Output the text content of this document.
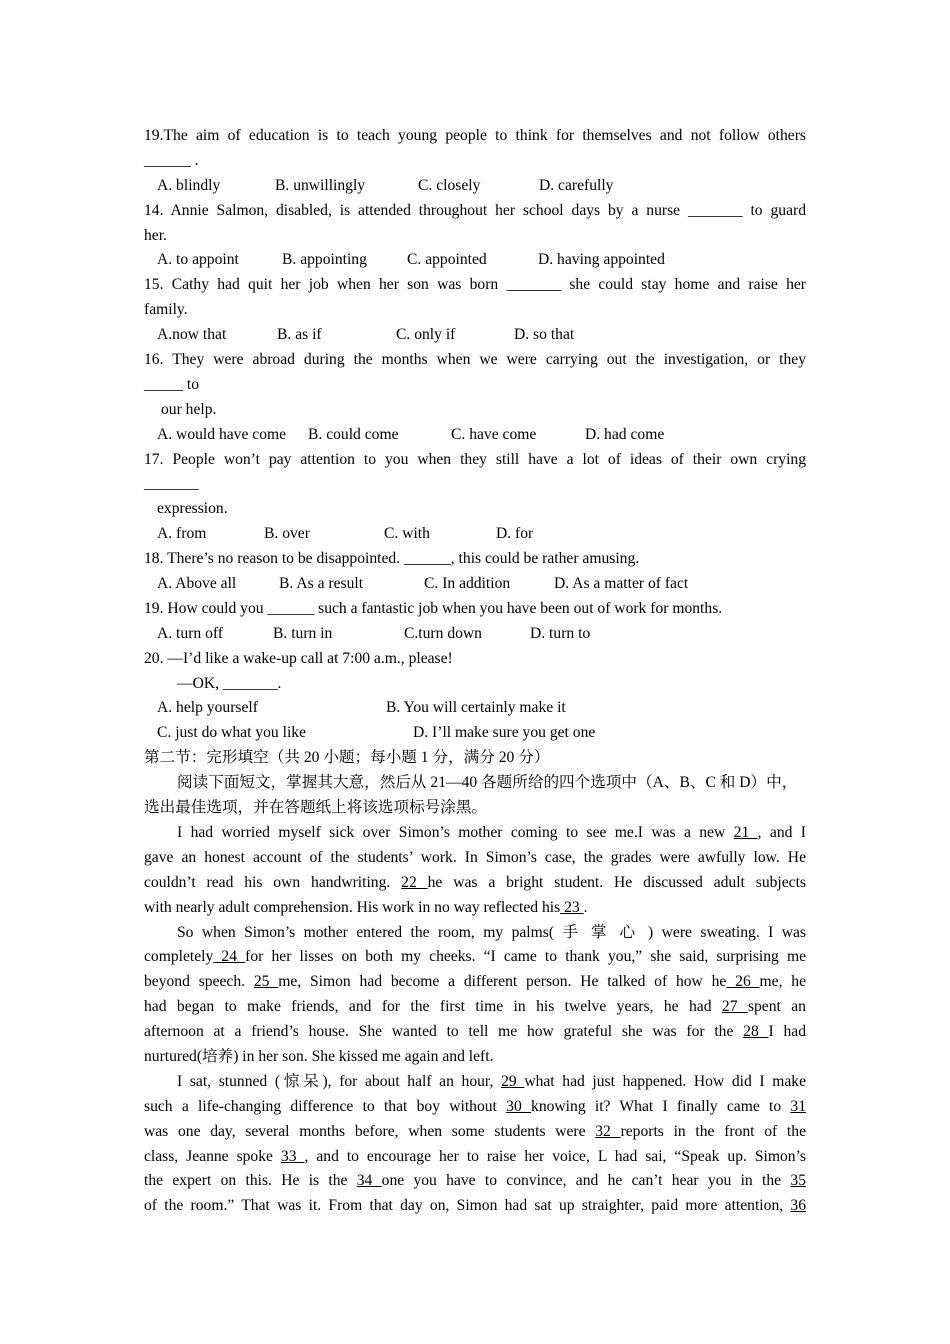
19.The aim of education is to teach young people to think for themselves and not follow others
______ .
A. blindly	B. unwillingly	C. closely	D. carefully
14. Annie Salmon, disabled, is attended throughout her school days by a nurse _______ to guard
her.
A. to appoint	B. appointing	C. appointed	D. having appointed
15. Cathy had quit her job when her son was born _______ she could stay home and raise her
family.
A.now that	B. as if	C. only if	D. so that
16. They were abroad during the months when we were carrying out the investigation, or they
_____ to
our help.
A. would have come B. could come	C. have come	D. had come
17. People won’t pay attention to you when they still have a lot of ideas of their own crying
_______
expression.
A. from	B. over	C. with	D. for
18. There’s no reason to be disappointed. ______, this could be rather amusing.
A. Above all	B. As a result	C. In addition	D. As a matter of fact
19. How could you ______ such a fantastic job when you have been out of work for months.
A. turn off	B. turn in	C.turn down	D. turn to
20. —I’d like a wake-up call at 7:00 a.m., please!
—OK, _______.
A. help yourself	B. You will certainly make it
C. just do what you like	D. I’ll make sure you get one
第二节：完形填空（共 20 小题；每小题 1 分，满分 20 分）
阅读下面短文，掌握其大意，然后从 21—40 各题所给的四个选项中（A、B、C 和 D）中，
选出最佳选项，并在答题纸上将该选项标号涂黑。
I had worried myself sick over Simon’s mother coming to see me.I was a new 21 , and I
gave an honest account of the students’ work. In Simon’s case, the grades were awfully low. He
couldn’t read his own handwriting. 22 he was a bright student. He discussed adult subjects
with nearly adult comprehension. His work in no way reflected his 23 .
So when Simon’s mother entered the room, my palms( 手 掌 心 ) were sweating. I was
completely 24 for her lisses on both my cheeks. “I came to thank you,” she said, surprising me
beyond speech. 25 me, Simon had become a different person. He talked of how he 26 me, he
had began to make friends, and for the first time in his twelve years, he had 27 spent an
afternoon at a friend’s house. She wanted to tell me how grateful she was for the 28 I had
nurtured(培养) in her son. She kissed me again and left.
I sat, stunned (惊呆), for about half an hour, 29 what had just happened. How did I make
such a life-changing difference to that boy without 30 knowing it? What I finally came to 31
was one day, several months before, when some students were 32 reports in the front of the
class, Jeanne spoke 33 , and to encourage her to raise her voice, L had sai, “Speak up. Simon’s
the expert on this. He is the 34 one you have to convince, and he can’t hear you in the 35
of the room.” That was it. From that day on, Simon had sat up straighter, paid more attention, 36
